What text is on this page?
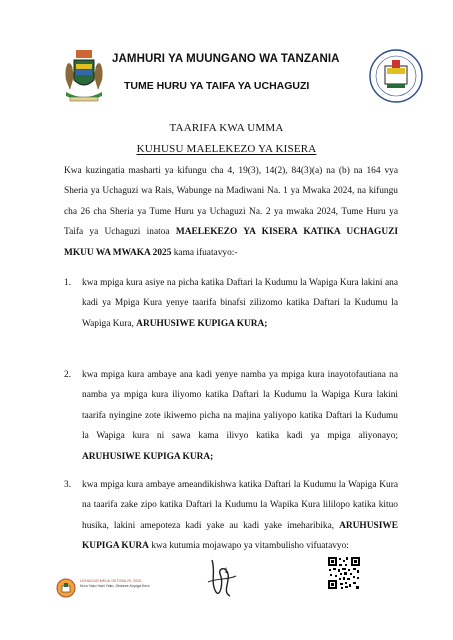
JAMHURI YA MUUNGANO WA TANZANIA
TUME HURU YA TAIFA YA UCHAGUZI
TAARIFA KWA UMMA
KUHUSU MAELEKEZO YA KISERA
Kwa kuzingatia masharti ya kifungu cha 4, 19(3), 14(2), 84(3)(a) na (b) na 164 vya Sheria ya Uchaguzi wa Rais, Wabunge na Madiwani Na. 1 ya Mwaka 2024, na kifungu cha 26 cha Sheria ya Tume Huru ya Uchaguzi Na. 2 ya mwaka 2024, Tume Huru ya Taifa ya Uchaguzi inatoa MAELEKEZO YA KISERA KATIKA UCHAGUZI MKUU WA MWAKA 2025 kama ifuatavyo:-
1. kwa mpiga kura asiye na picha katika Daftari la Kudumu la Wapiga Kura lakini ana kadi ya Mpiga Kura yenye taarifa binafsi zilizomo katika Daftari la Kudumu la Wapiga Kura, ARUHUSIWE KUPIGA KURA;
2. kwa mpiga kura ambaye ana kadi yenye namba ya mpiga kura inayotofautiana na namba ya mpiga kura iliyomo katika Daftari la Kudumu la Wapiga Kura lakini taarifa nyingine zote ikiwemo picha na majina yaliyopo katika Daftari la Kudumu la Wapiga kura ni sawa kama ilivyo katika kadi ya mpiga aliyonayo; ARUHUSIWE KUPIGA KURA;
3. kwa mpiga kura ambaye ameandikishwa katika Daftari la Kudumu la Wapiga Kura na taarifa zake zipo katika Daftari la Kudumu la Wapika Kura lililopo katika kituo husika, lakini amepoteza kadi yake au kadi yake imeharibika, ARUHUSIWE KUPIGA KURA kwa kutumia mojawapo ya vitambulisho vifuatavyo:
UCHAGUZI MKUU OKTOBA 29, 2025
Kura Yako Haki Yako, Jitokeze Kupiga Kura
1
